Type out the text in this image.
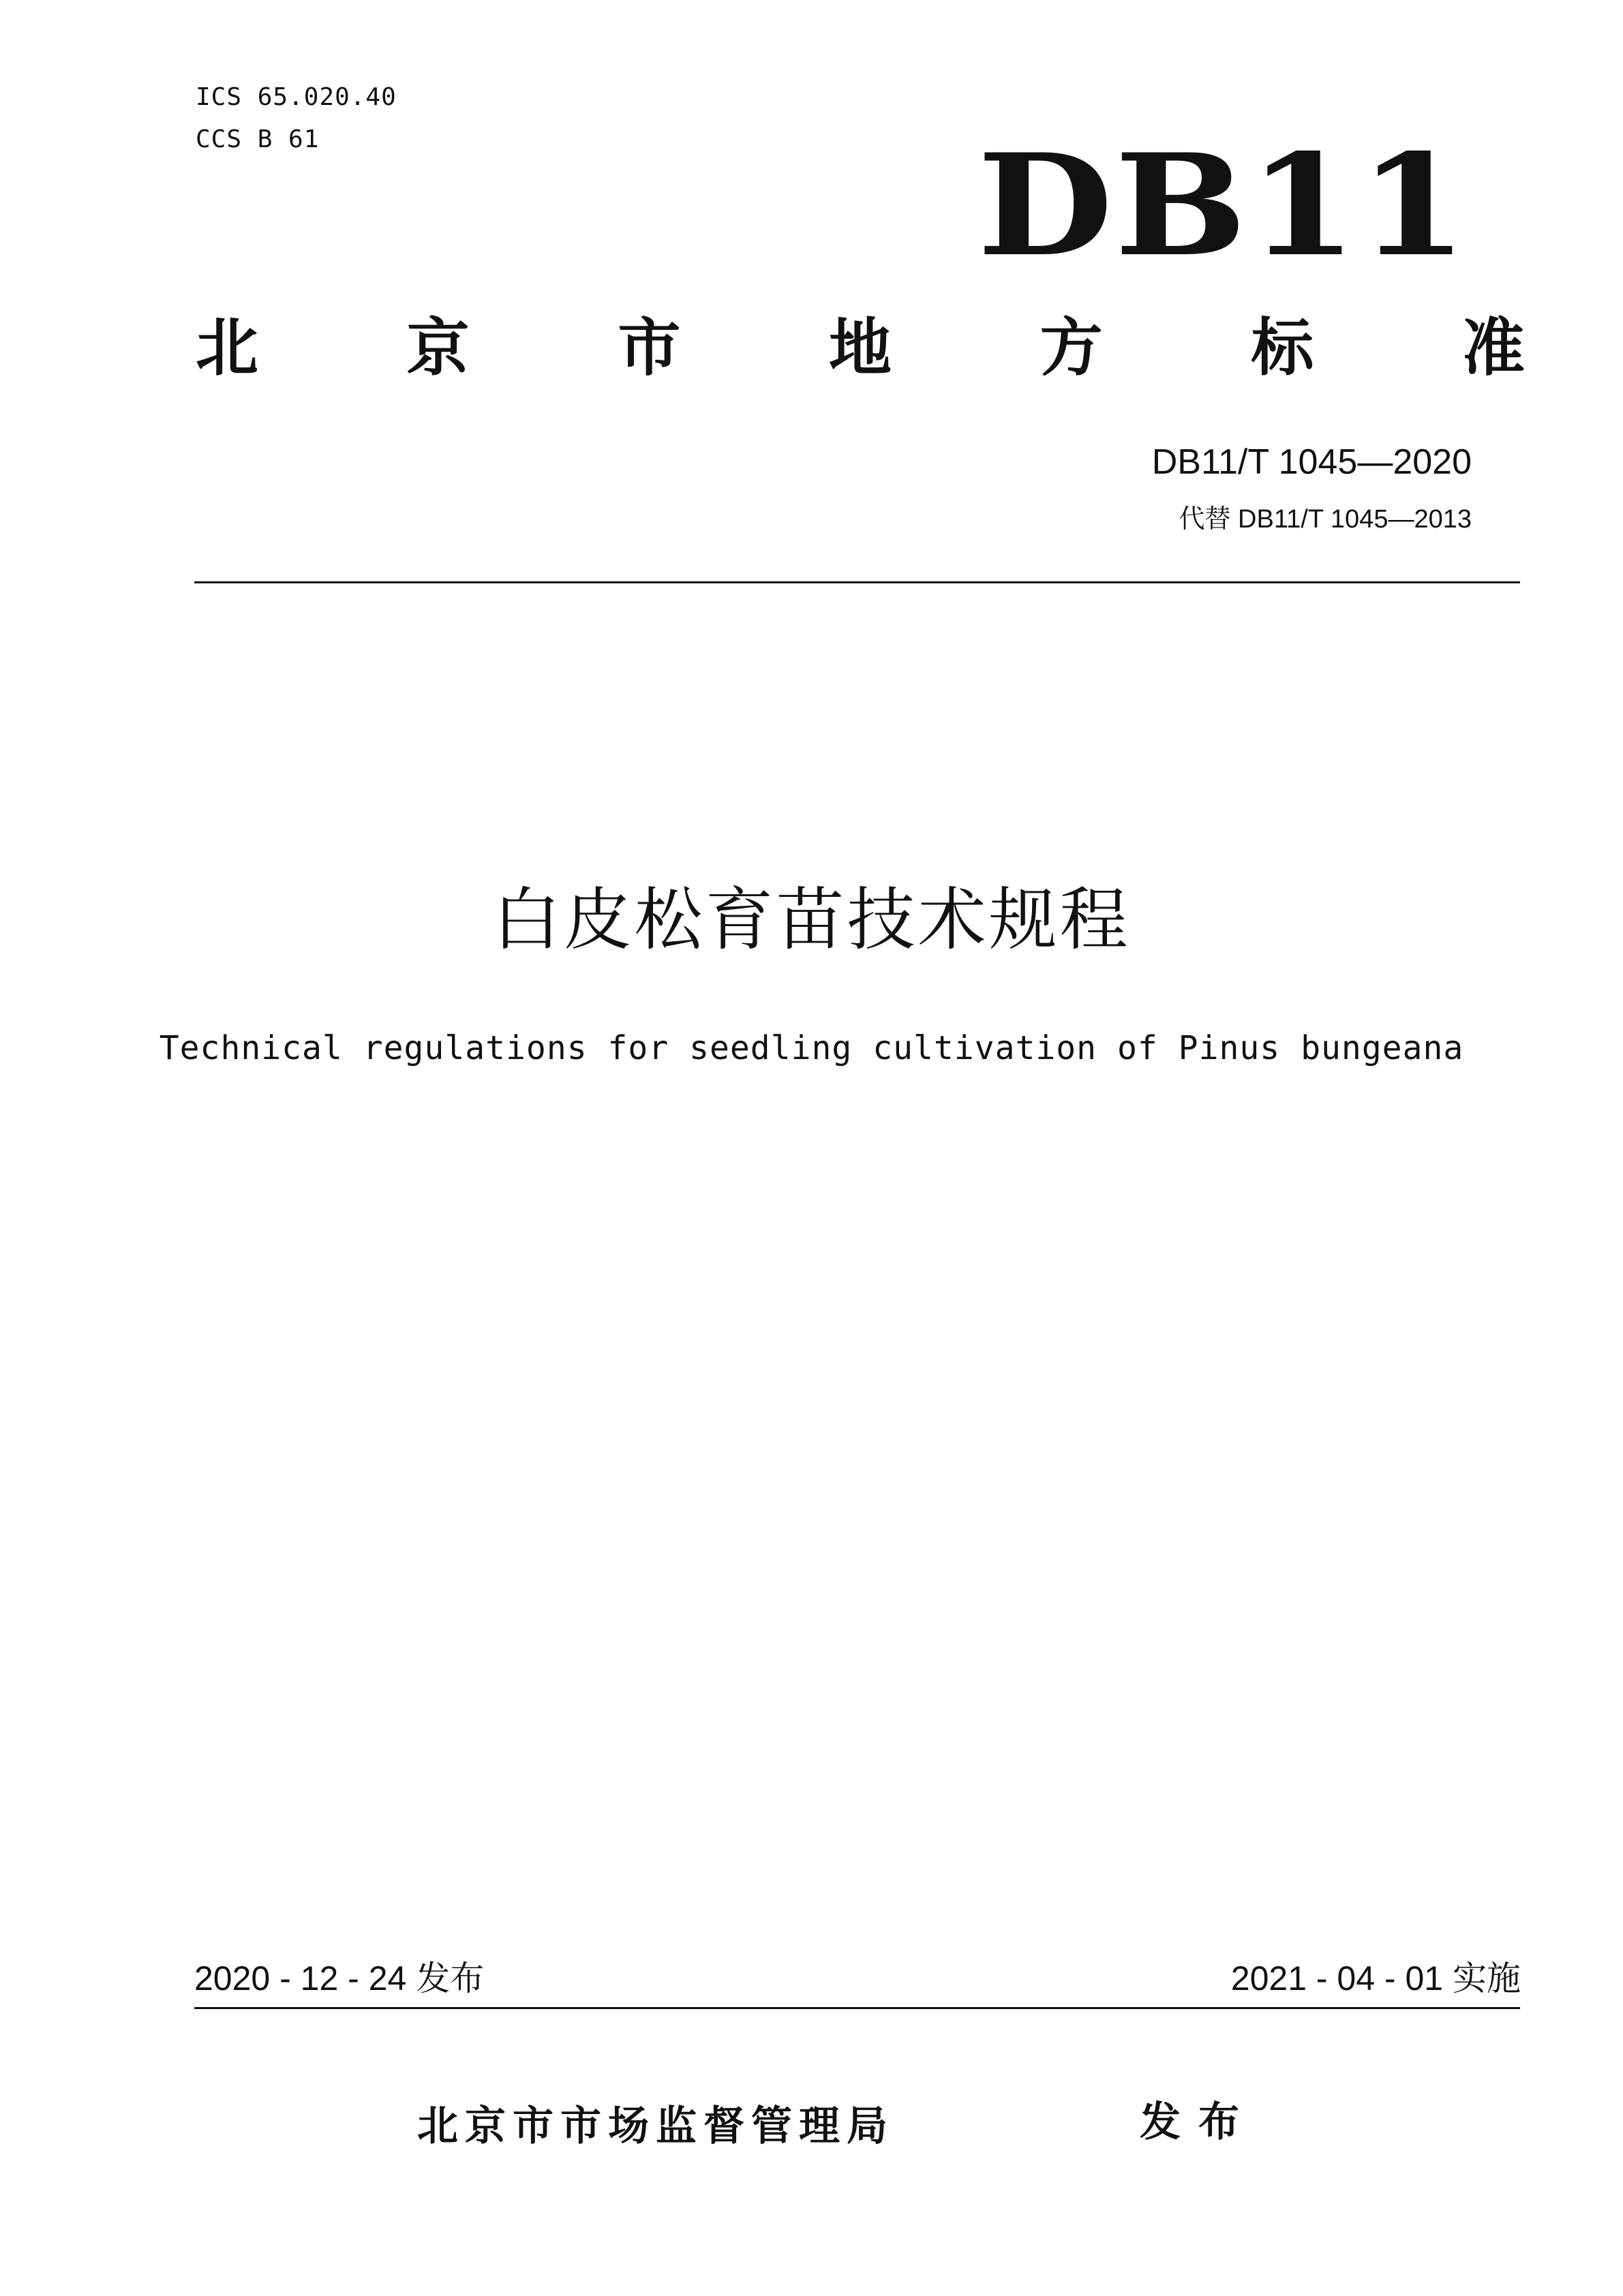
ICS 65.020.40
CCS B 61	DB11
北 京 市 地 方 标 准
DB11/T 1045—2020
代替 DB11/T 1045—2013
白皮松育苗技术规程
Technical regulations for seedling cultivation of Pinus bungeana
2020 - 12 - 24 发布	2021 - 04 - 01 实施
北京市市场监督管理局	发布
